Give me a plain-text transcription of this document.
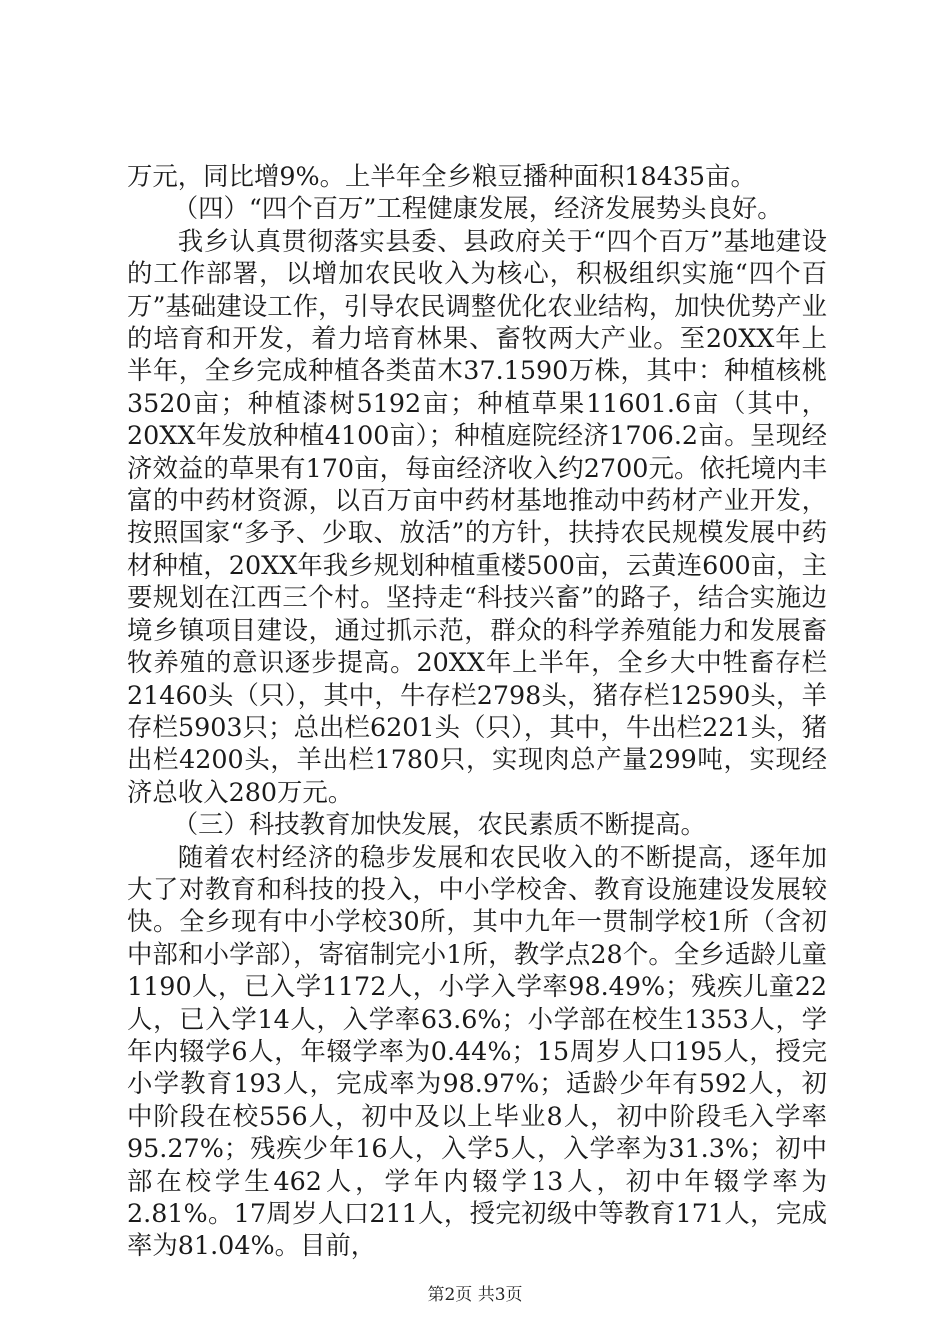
万元，同比增9%。上半年全乡粮豆播种面积18435亩。

（四）“四个百万”工程健康发展，经济发展势头良好。

我乡认真贯彻落实县委、县政府关于“四个百万”基地建设的工作部署，以增加农民收入为核心，积极组织实施“四个百万”基础建设工作，引导农民调整优化农业结构，加快优势产业的培育和开发，着力培育林果、畜牧两大产业。至20XX年上半年，全乡完成种植各类苗木37.1590万株，其中：种植核桃3520亩；种植漆树5192亩；种植草果11601.6亩（其中，20XX年发放种植4100亩）；种植庭院经济1706.2亩。呈现经济效益的草果有170亩，每亩经济收入约2700元。依托境内丰富的中药材资源，以百万亩中药材基地推动中药材产业开发，按照国家“多予、少取、放活”的方针，扶持农民规模发展中药材种植，20XX年我乡规划种植重楼500亩，云黄连600亩，主要规划在江西三个村。坚持走“科技兴畜”的路子，结合实施边境乡镇项目建设，通过抓示范，群众的科学养殖能力和发展畜牧养殖的意识逐步提高。20XX年上半年，全乡大中牲畜存栏21460头（只），其中，牛存栏2798头，猪存栏12590头，羊存栏5903只；总出栏6201头（只），其中，牛出栏221头，猪出栏4200头，羊出栏1780只，实现肉总产量299吨，实现经济总收入280万元。

（三）科技教育加快发展，农民素质不断提高。

随着农村经济的稳步发展和农民收入的不断提高，逐年加大了对教育和科技的投入，中小学校舍、教育设施建设发展较快。全乡现有中小学校30所，其中九年一贯制学校1所（含初中部和小学部），寄宿制完小1所，教学点28个。全乡适龄儿童1190人，已入学1172人，小学入学率98.49%；残疾儿童22人，已入学14人，入学率63.6%；小学部在校生1353人，学年内辍学6人，年辍学率为0.44%；15周岁人口195人，授完小学教育193人，完成率为98.97%；适龄少年有592人，初中阶段在校556人，初中及以上毕业8人，初中阶段毛入学率95.27%；残疾少年16人，入学5人，入学率为31.3%；初中部在校学生462人，学年内辍学13人，初中年辍学率为2.81%。17周岁人口211人，授完初级中等教育171人，完成率为81.04%。目前，

第2页 共3页
